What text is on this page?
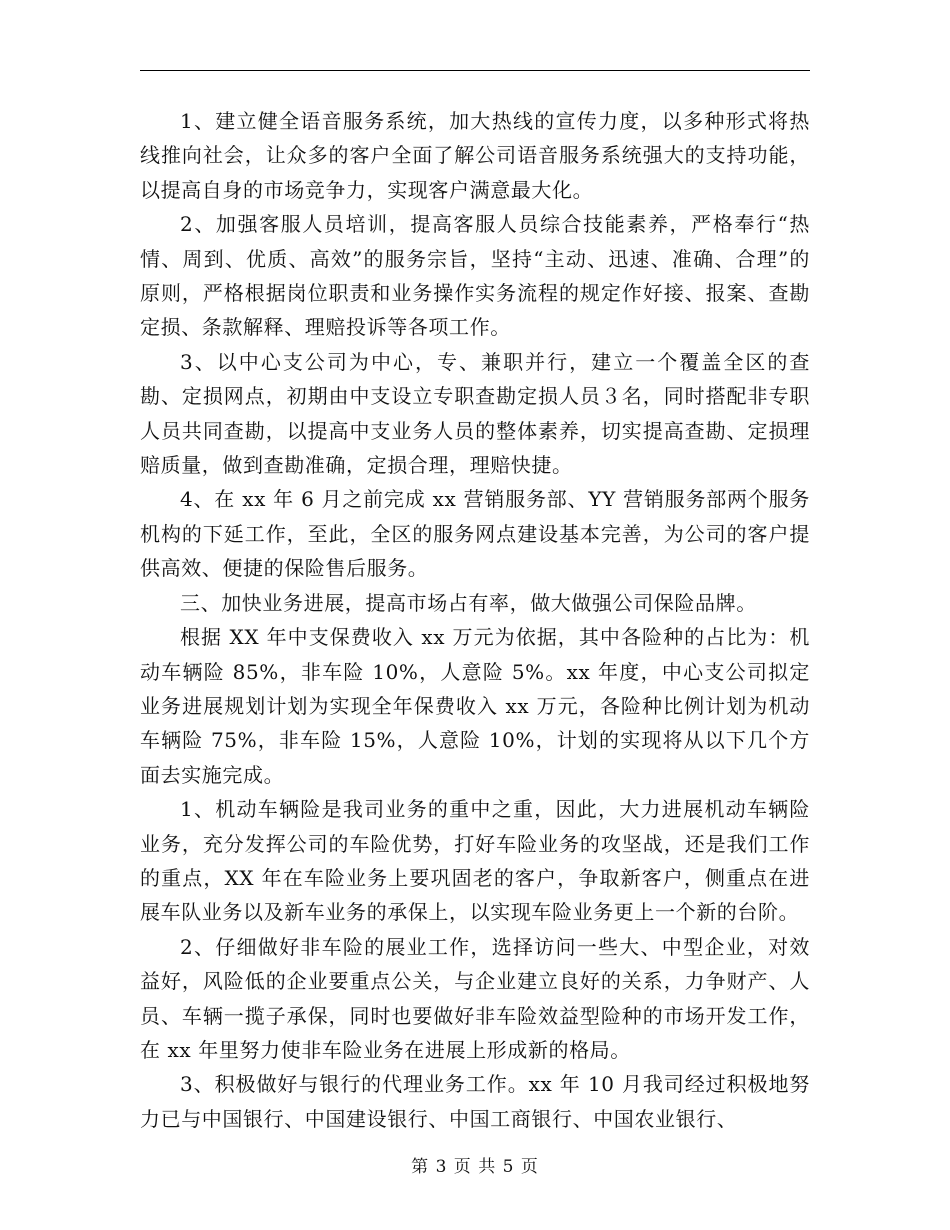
1、建立健全语音服务系统，加大热线的宣传力度，以多种形式将热线推向社会，让众多的客户全面了解公司语音服务系统强大的支持功能，以提高自身的市场竞争力，实现客户满意最大化。

2、加强客服人员培训，提高客服人员综合技能素养，严格奉行“热情、周到、优质、高效”的服务宗旨，坚持“主动、迅速、准确、合理”的原则，严格根据岗位职责和业务操作实务流程的规定作好接、报案、查勘定损、条款解释、理赔投诉等各项工作。

3、以中心支公司为中心，专、兼职并行，建立一个覆盖全区的查勘、定损网点，初期由中支设立专职查勘定损人员３名，同时搭配非专职人员共同查勘，以提高中支业务人员的整体素养，切实提高查勘、定损理赔质量，做到查勘准确，定损合理，理赔快捷。

4、在 xx 年 6 月之前完成 xx 营销服务部、YY 营销服务部两个服务机构的下延工作，至此，全区的服务网点建设基本完善，为公司的客户提供高效、便捷的保险售后服务。

三、加快业务进展，提高市场占有率，做大做强公司保险品牌。

根据 XX 年中支保费收入 xx 万元为依据，其中各险种的占比为：机动车辆险 85%，非车险 10%，人意险 5%。xx 年度，中心支公司拟定业务进展规划计划为实现全年保费收入 xx 万元，各险种比例计划为机动车辆险 75%，非车险 15%，人意险 10%，计划的实现将从以下几个方面去实施完成。

1、机动车辆险是我司业务的重中之重，因此，大力进展机动车辆险业务，充分发挥公司的车险优势，打好车险业务的攻坚战，还是我们工作的重点，XX 年在车险业务上要巩固老的客户，争取新客户，侧重点在进展车队业务以及新车业务的承保上，以实现车险业务更上一个新的台阶。

2、仔细做好非车险的展业工作，选择访问一些大、中型企业，对效益好，风险低的企业要重点公关，与企业建立良好的关系，力争财产、人员、车辆一揽子承保，同时也要做好非车险效益型险种的市场开发工作，在 xx 年里努力使非车险业务在进展上形成新的格局。

3、积极做好与银行的代理业务工作。xx 年 10 月我司经过积极地努力已与中国银行、中国建设银行、中国工商银行、中国农业银行、

第 3 页 共 5 页
